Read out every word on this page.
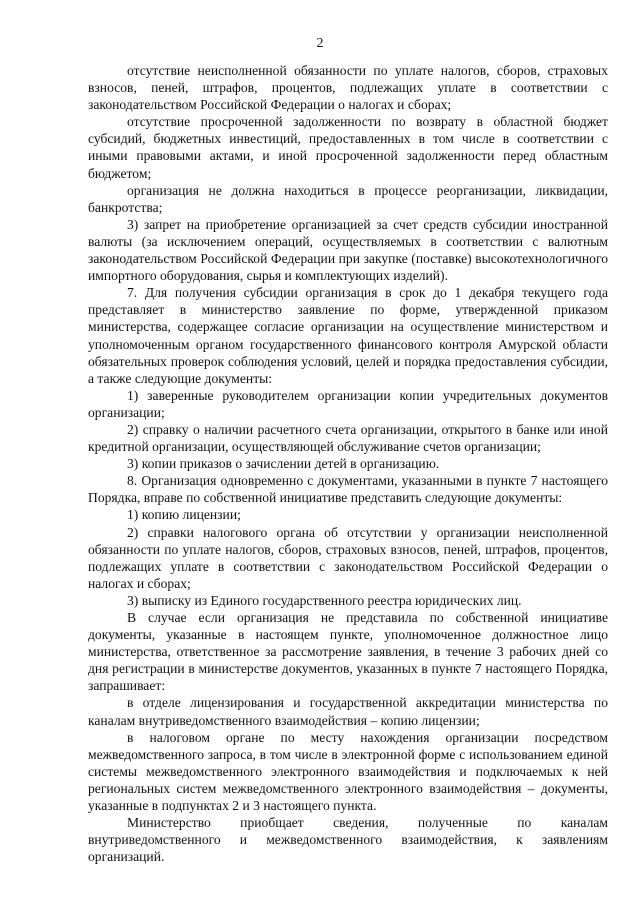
2

отсутствие неисполненной обязанности по уплате налогов, сборов, страховых взносов, пеней, штрафов, процентов, подлежащих уплате в соответствии с законодательством Российской Федерации о налогах и сборах;

отсутствие просроченной задолженности по возврату в областной бюджет субсидий, бюджетных инвестиций, предоставленных в том числе в соответствии с иными правовыми актами, и иной просроченной задолженности перед областным бюджетом;

организация не должна находиться в процессе реорганизации, ликвидации, банкротства;

3) запрет на приобретение организацией за счет средств субсидии иностранной валюты (за исключением операций, осуществляемых в соответствии с валютным законодательством Российской Федерации при закупке (поставке) высокотехнологичного импортного оборудования, сырья и комплектующих изделий).

7. Для получения субсидии организация в срок до 1 декабря текущего года представляет в министерство заявление по форме, утвержденной приказом министерства, содержащее согласие организации на осуществление министерством и уполномоченным органом государственного финансового контроля Амурской области обязательных проверок соблюдения условий, целей и порядка предоставления субсидии, а также следующие документы:

1) заверенные руководителем организации копии учредительных документов организации;

2) справку о наличии расчетного счета организации, открытого в банке или иной кредитной организации, осуществляющей обслуживание счетов организации;

3) копии приказов о зачислении детей в организацию.

8. Организация одновременно с документами, указанными в пункте 7 настоящего Порядка, вправе по собственной инициативе представить следующие документы:

1) копию лицензии;

2) справки налогового органа об отсутствии у организации неисполненной обязанности по уплате налогов, сборов, страховых взносов, пеней, штрафов, процентов, подлежащих уплате в соответствии с законодательством Российской Федерации о налогах и сборах;

3) выписку из Единого государственного реестра юридических лиц.

В случае если организация не представила по собственной инициативе документы, указанные в настоящем пункте, уполномоченное должностное лицо министерства, ответственное за рассмотрение заявления, в течение 3 рабочих дней со дня регистрации в министерстве документов, указанных в пункте 7 настоящего Порядка, запрашивает:

в отделе лицензирования и государственной аккредитации министерства по каналам внутриведомственного взаимодействия – копию лицензии;

в налоговом органе по месту нахождения организации посредством межведомственного запроса, в том числе в электронной форме с использованием единой системы межведомственного электронного взаимодействия и подключаемых к ней региональных систем межведомственного электронного взаимодействия – документы, указанные в подпунктах 2 и 3 настоящего пункта.

Министерство приобщает сведения, полученные по каналам внутриведомственного и межведомственного взаимодействия, к заявлениям организаций.
